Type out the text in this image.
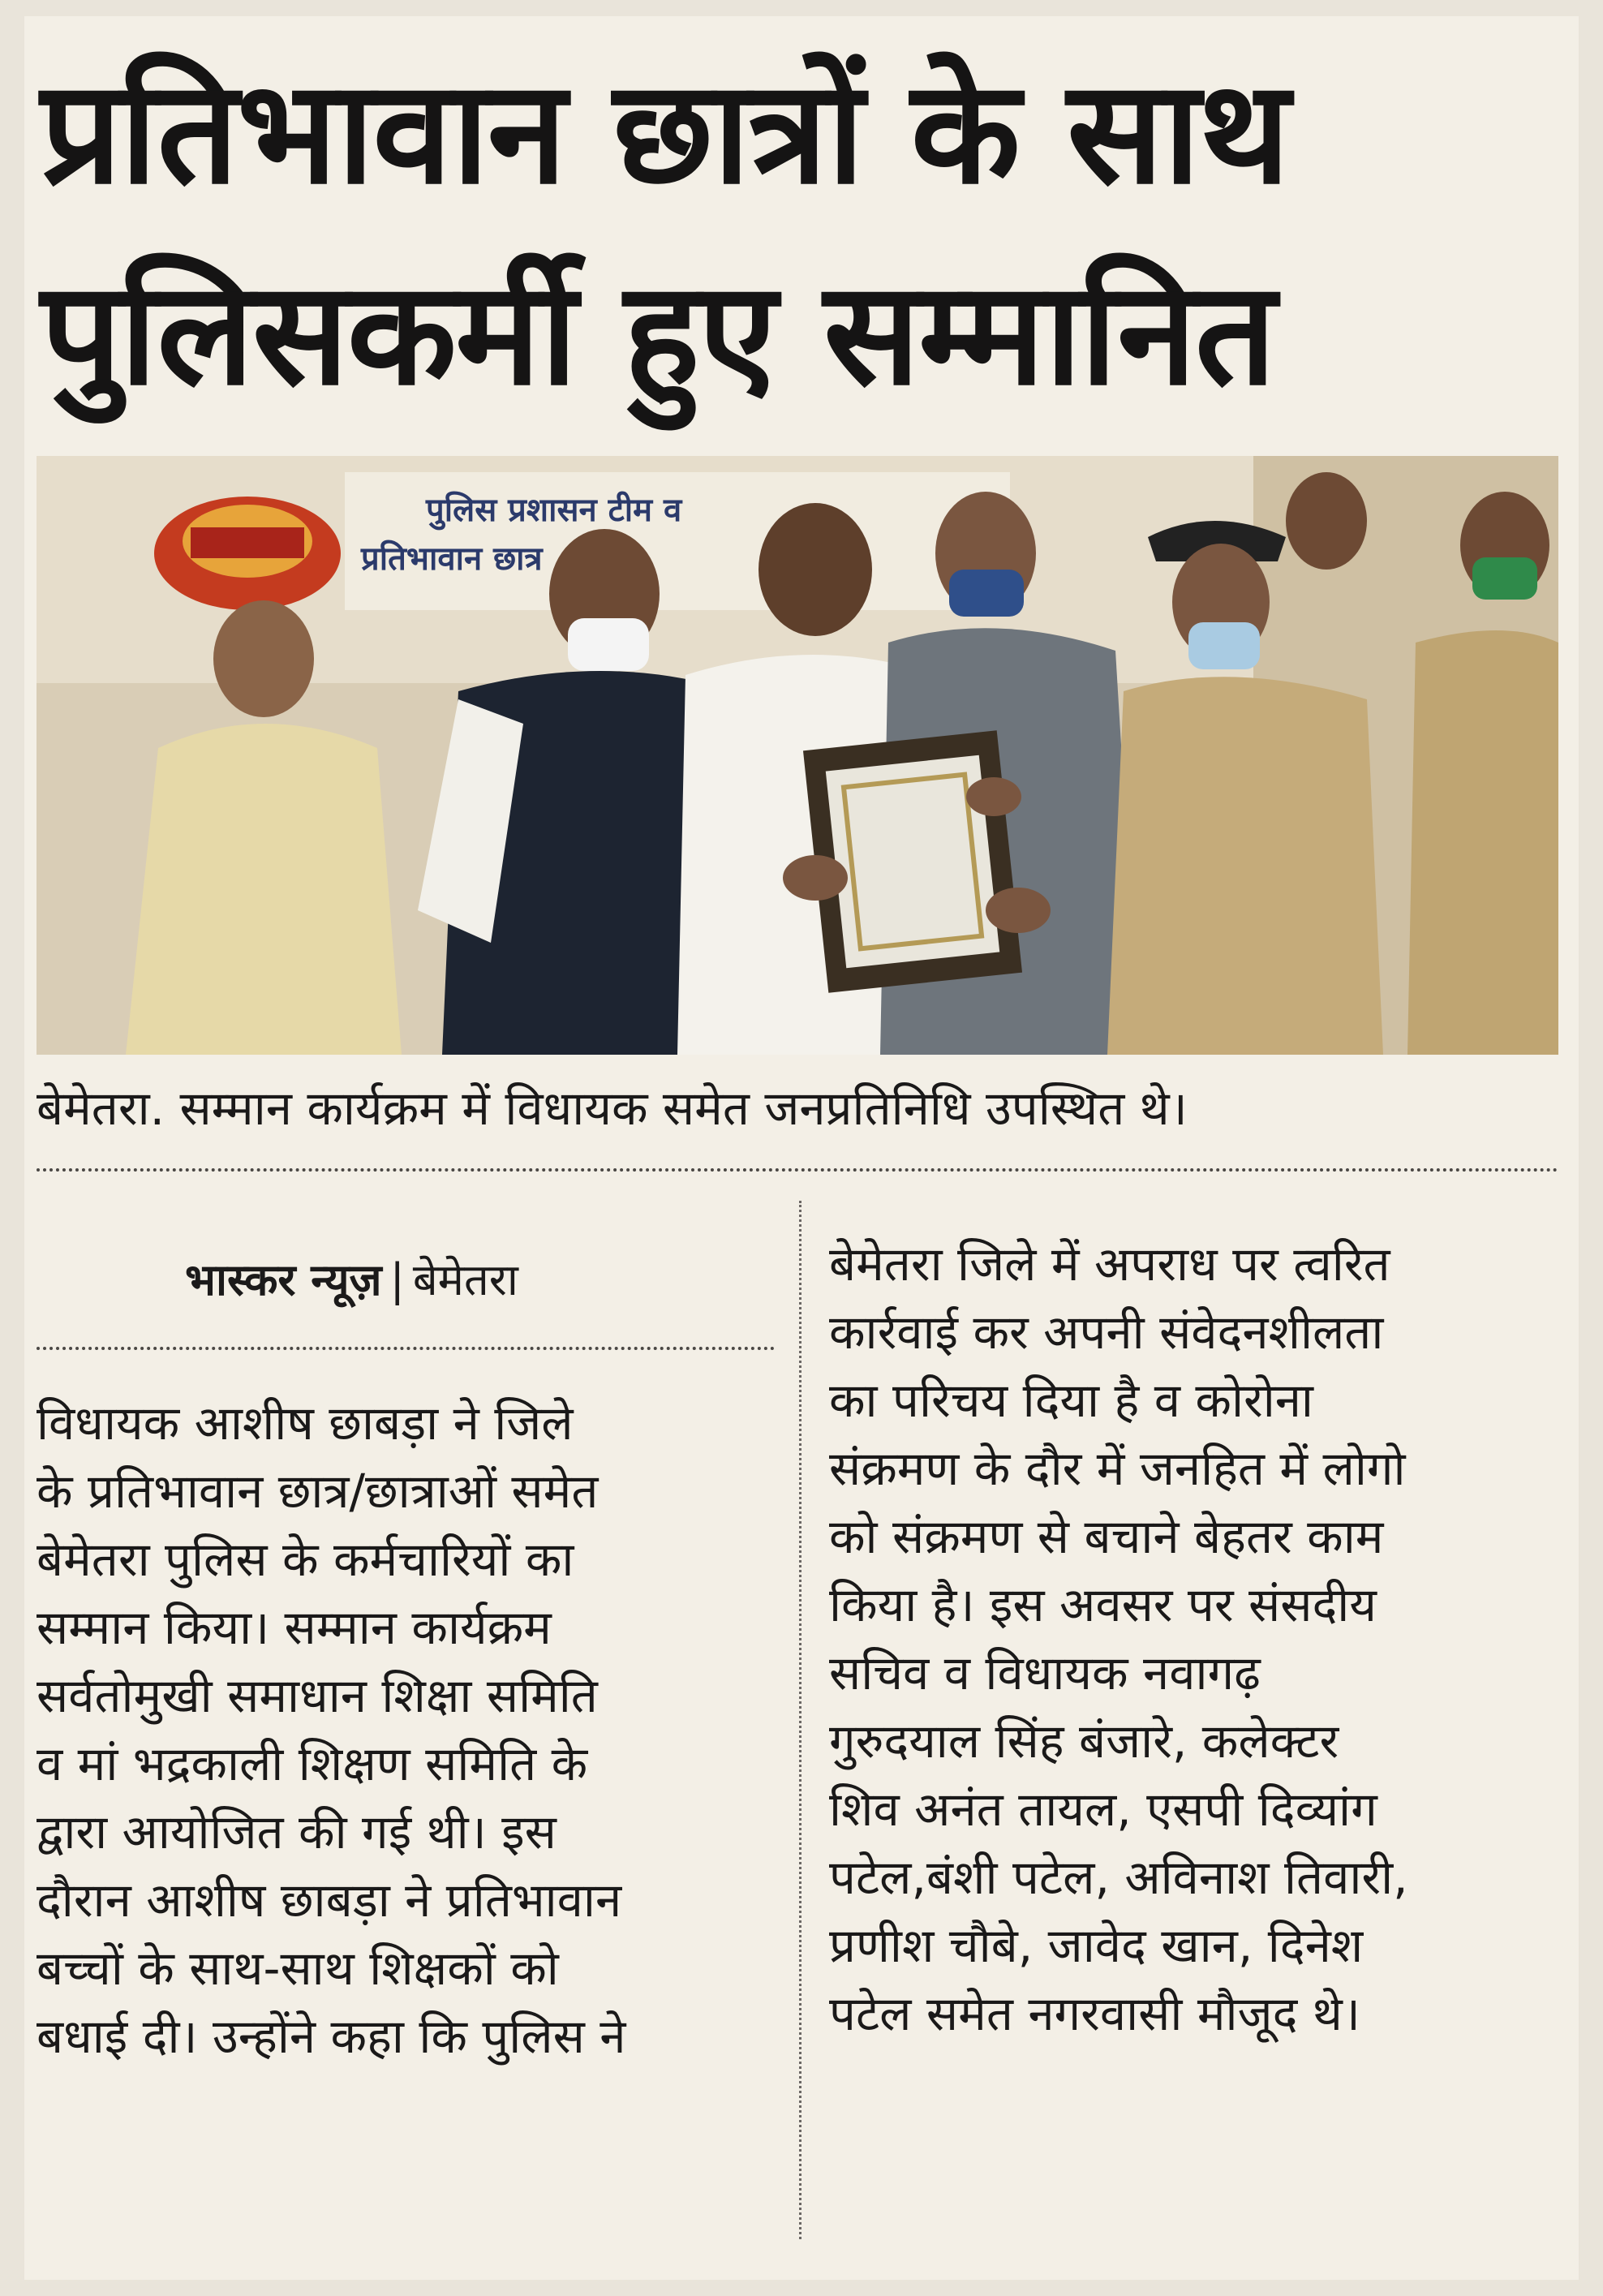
प्रतिभावान छात्रों के साथ
पुलिसकर्मी हुए सम्मानित
पुलिस प्रशासन टीम व
प्रतिभावान छात्र

बेमेतरा. सम्मान कार्यक्रम में विधायक समेत जनप्रतिनिधि उपस्थित थे।

भास्कर न्यूज़ | बेमेतरा

विधायक आशीष छाबड़ा ने जिले
के प्रतिभावान छात्र/छात्राओं समेत
बेमेतरा पुलिस के कर्मचारियों का
सम्मान किया। सम्मान कार्यक्रम
सर्वतोमुखी समाधान शिक्षा समिति
व मां भद्रकाली शिक्षण समिति के
द्वारा आयोजित की गई थी। इस
दौरान आशीष छाबड़ा ने प्रतिभावान
बच्चों के साथ-साथ शिक्षकों को
बधाई दी। उन्होंने कहा कि पुलिस ने

बेमेतरा जिले में अपराध पर त्वरित
कार्रवाई कर अपनी संवेदनशीलता
का परिचय दिया है व कोरोना
संक्रमण के दौर में जनहित में लोगो
को संक्रमण से बचाने बेहतर काम
किया है। इस अवसर पर संसदीय
सचिव व विधायक नवागढ़
गुरुदयाल सिंह बंजारे, कलेक्टर
शिव अनंत तायल, एसपी दिव्यांग
पटेल,बंशी पटेल, अविनाश तिवारी,
प्रणीश चौबे, जावेद खान, दिनेश
पटेल समेत नगरवासी मौजूद थे।
